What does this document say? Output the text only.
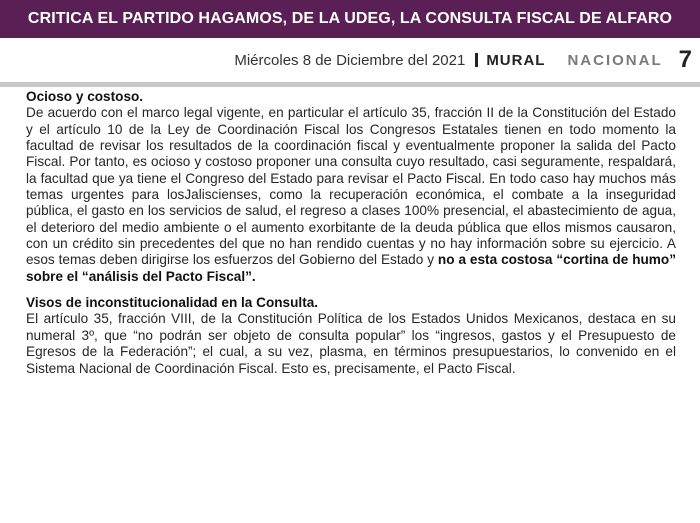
CRITICA EL PARTIDO HAGAMOS, DE LA UDEG, LA CONSULTA FISCAL DE ALFARO
Miércoles 8 de Diciembre del 2021 MURAL NACIONAL 7
Ocioso y costoso.

De acuerdo con el marco legal vigente, en particular el artículo 35, fracción II de la Constitución del Estado y el artículo 10 de la Ley de Coordinación Fiscal los Congresos Estatales tienen en todo momento la facultad de revisar los resultados de la coordinación fiscal y eventualmente proponer la salida del Pacto Fiscal. Por tanto, es ocioso y costoso proponer una consulta cuyo resultado, casi seguramente, respaldará, la facultad que ya tiene el Congreso del Estado para revisar el Pacto Fiscal. En todo caso hay muchos más temas urgentes para losJaliscienses, como la recuperación económica, el combate a la inseguridad pública, el gasto en los servicios de salud, el regreso a clases 100% presencial, el abastecimiento de agua, el deterioro del medio ambiente o el aumento exorbitante de la deuda pública que ellos mismos causaron, con un crédito sin precedentes del que no han rendido cuentas y no hay información sobre su ejercicio. A esos temas deben dirigirse los esfuerzos del Gobierno del Estado y no a esta costosa “cortina de humo” sobre el “análisis del Pacto Fiscal”.

Visos de inconstitucionalidad en la Consulta.

El artículo 35, fracción VIII, de la Constitución Política de los Estados Unidos Mexicanos, destaca en su numeral 3º, que “no podrán ser objeto de consulta popular” los “ingresos, gastos y el Presupuesto de Egresos de la Federación”; el cual, a su vez, plasma, en términos presupuestarios, lo convenido en el Sistema Nacional de Coordinación Fiscal. Esto es, precisamente, el Pacto Fiscal.
